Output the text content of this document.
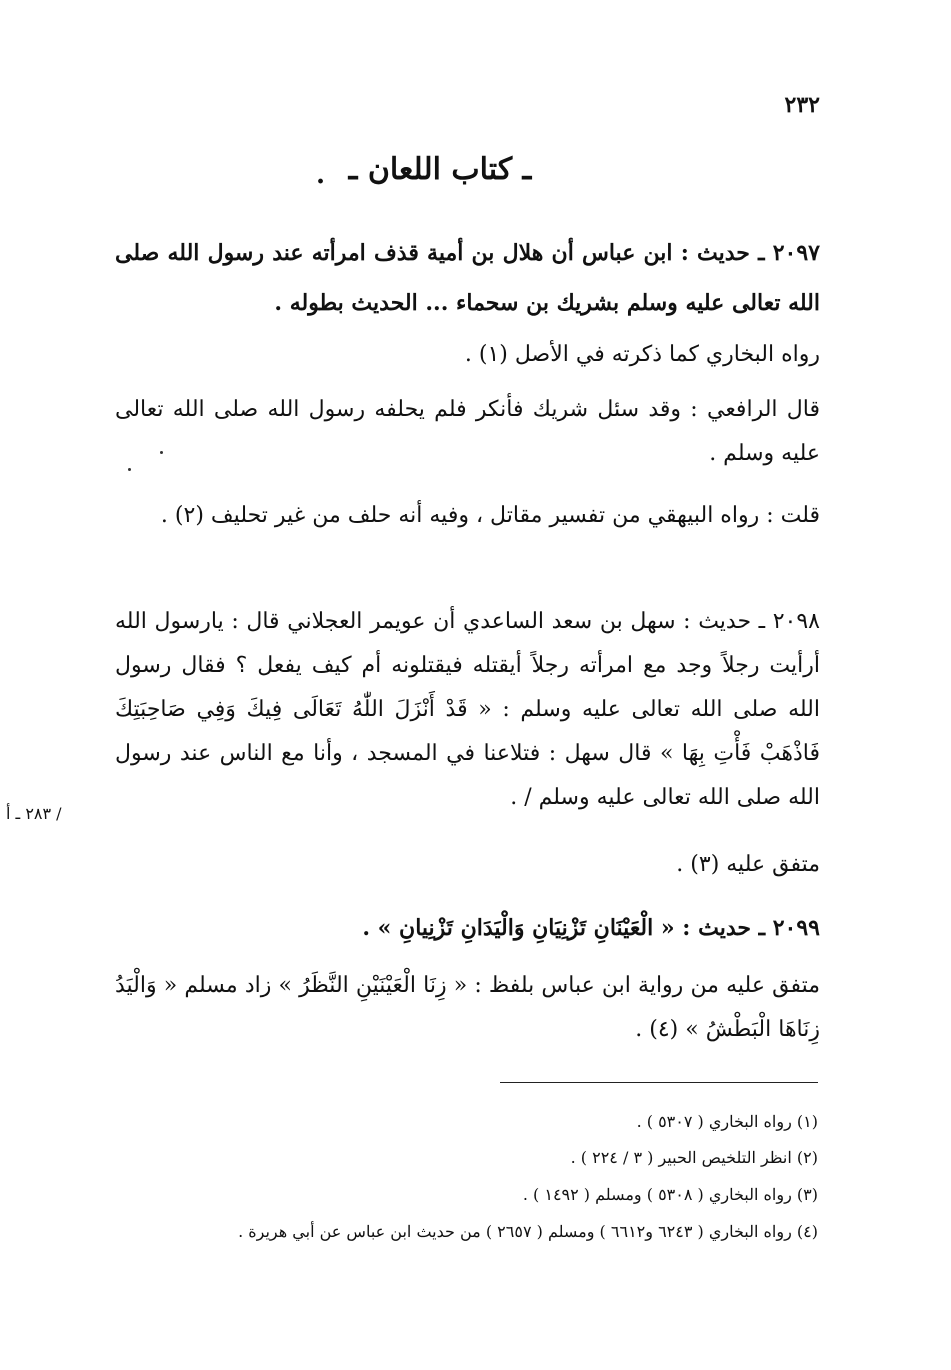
٢٣٢
ـ كتاب اللعان ـ
.
٢٠٩٧ ـ حديث : ابن عباس أن هلال بن أمية قذف امرأته عند رسول الله صلى الله تعالى عليه وسلم بشريك بن سحماء ... الحديث بطوله .
رواه البخاري كما ذكرته في الأصل (١) .
قال الرافعي : وقد سئل شريك فأنكر فلم يحلفه رسول الله صلى الله تعالى عليه وسلم .
قلت : رواه البيهقي من تفسير مقاتل ، وفيه أنه حلف من غير تحليف (٢) .
٢٠٩٨ ـ حديث : سهل بن سعد الساعدي أن عويمر العجلاني قال : يارسول الله أرأيت رجلاً وجد مع امرأته رجلاً أيقتله فيقتلونه أم كيف يفعل ؟ فقال رسول الله صلى الله تعالى عليه وسلم : « قَدْ أَنْزَلَ اللّٰهُ تَعَالَى فِيكَ وَفِي صَاحِبَتِكَ فَاذْهَبْ فَأْتِ بِهَا » قال سهل : فتلاعنا في المسجد ، وأنا مع الناس عند رسول الله صلى الله تعالى عليه وسلم / .
متفق عليه (٣) .
٢٠٩٩ ـ حديث : « الْعَيْنَانِ تَزْنِيَانِ وَالْيَدَانِ تَزْنِيانِ » .
متفق عليه من رواية ابن عباس بلفظ : « زِنَا الْعَيْنَيْنِ النَّظَرُ » زاد مسلم « وَالْيَدُ زِنَاهَا الْبَطْشُ » (٤) .
/ ٢٨٣ ـ أ
(١) رواه البخاري ( ٥٣٠٧ ) .
(٢) انظر التلخيص الحبير ( ٣ / ٢٢٤ ) .
(٣) رواه البخاري ( ٥٣٠٨ ) ومسلم ( ١٤٩٢ ) .
(٤) رواه البخاري ( ٦٢٤٣ و٦٦١٢ ) ومسلم ( ٢٦٥٧ ) من حديث ابن عباس عن أبي هريرة .
